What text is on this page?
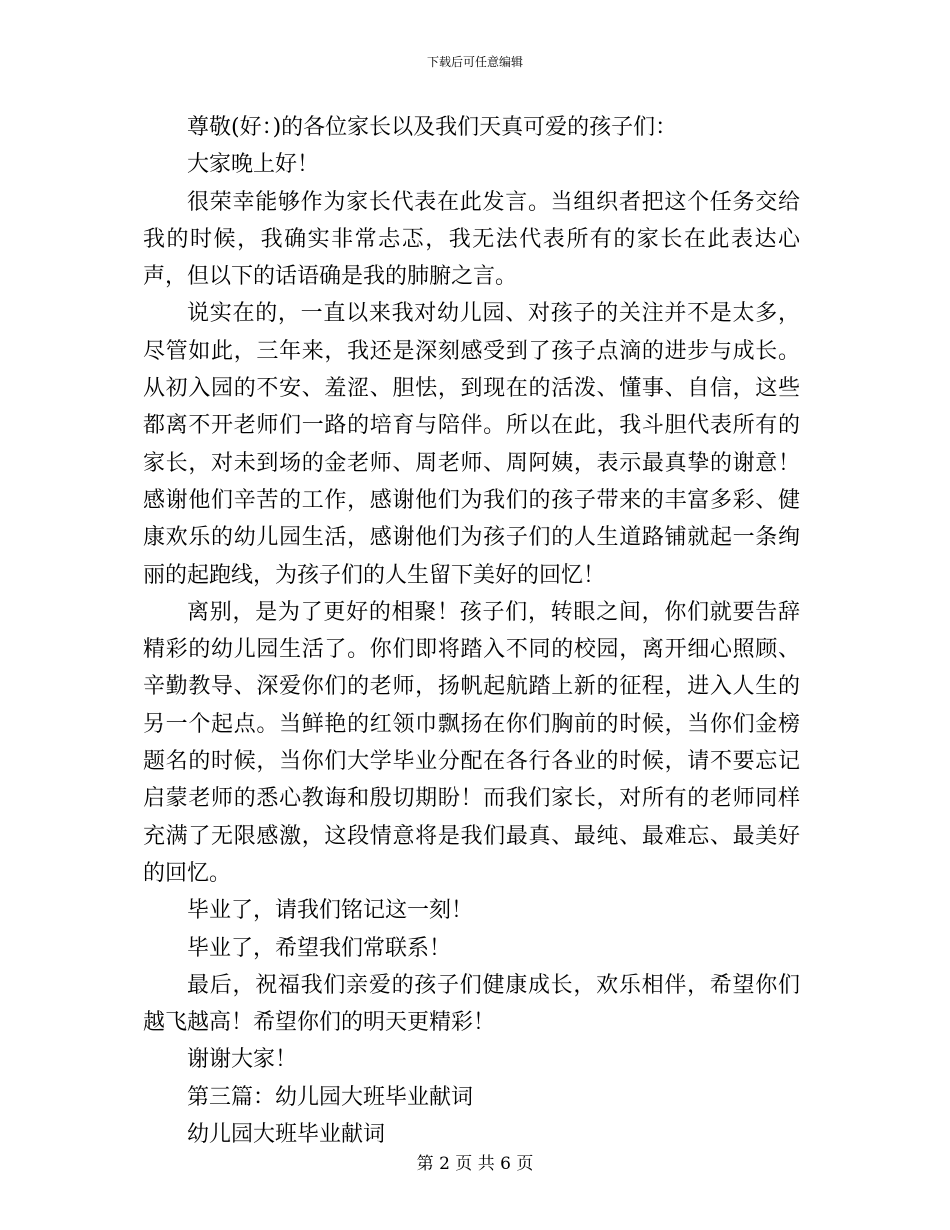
下载后可任意编辑

尊敬(好：)的各位家长以及我们天真可爱的孩子们：

大家晚上好！

很荣幸能够作为家长代表在此发言。当组织者把这个任务交给我的时候，我确实非常忐忑，我无法代表所有的家长在此表达心声，但以下的话语确是我的肺腑之言。

说实在的，一直以来我对幼儿园、对孩子的关注并不是太多，尽管如此，三年来，我还是深刻感受到了孩子点滴的进步与成长。从初入园的不安、羞涩、胆怯，到现在的活泼、懂事、自信，这些都离不开老师们一路的培育与陪伴。所以在此，我斗胆代表所有的家长，对未到场的金老师、周老师、周阿姨，表示最真挚的谢意！感谢他们辛苦的工作，感谢他们为我们的孩子带来的丰富多彩、健康欢乐的幼儿园生活，感谢他们为孩子们的人生道路铺就起一条绚丽的起跑线，为孩子们的人生留下美好的回忆！

离别，是为了更好的相聚！孩子们，转眼之间，你们就要告辞精彩的幼儿园生活了。你们即将踏入不同的校园，离开细心照顾、辛勤教导、深爱你们的老师，扬帆起航踏上新的征程，进入人生的另一个起点。当鲜艳的红领巾飘扬在你们胸前的时候，当你们金榜题名的时候，当你们大学毕业分配在各行各业的时候，请不要忘记启蒙老师的悉心教诲和殷切期盼！而我们家长，对所有的老师同样充满了无限感激，这段情意将是我们最真、最纯、最难忘、最美好的回忆。

毕业了，请我们铭记这一刻！

毕业了，希望我们常联系！

最后，祝福我们亲爱的孩子们健康成长，欢乐相伴，希望你们越飞越高！希望你们的明天更精彩！

谢谢大家！

第三篇：幼儿园大班毕业献词

幼儿园大班毕业献词

第 2 页 共 6 页
